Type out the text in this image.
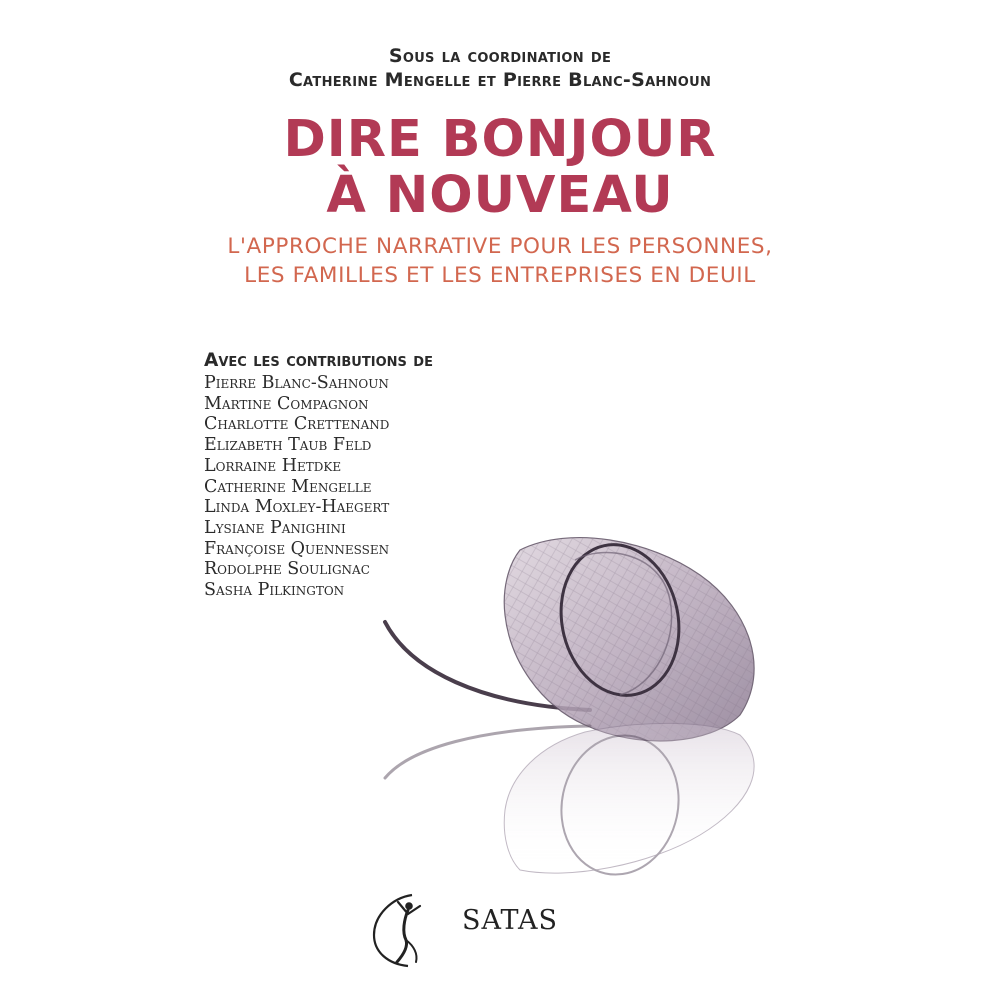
Sous la coordination de
Catherine Mengelle et Pierre Blanc-Sahnoun
DIRE BONJOUR
À NOUVEAU
L'APPROCHE NARRATIVE POUR LES PERSONNES,
LES FAMILLES ET LES ENTREPRISES EN DEUIL
Avec les contributions de
Pierre Blanc-Sahnoun
Martine Compagnon
Charlotte Crettenand
Elizabeth Taub Feld
Lorraine Hetdke
Catherine Mengelle
Linda Moxley-Haegert
Lysiane Panighini
Françoise Quennessen
Rodolphe Soulignac
Sasha Pilkington
SATAS
